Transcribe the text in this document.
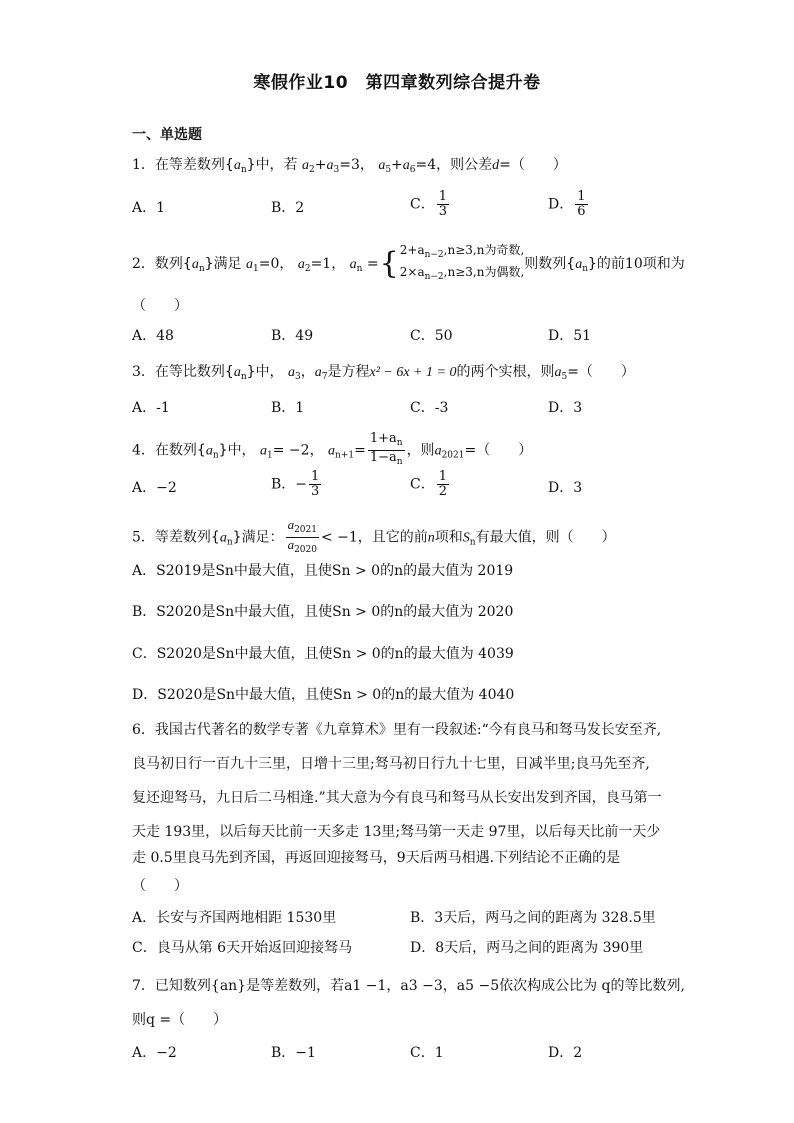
寒假作业10　第四章数列综合提升卷
一、单选题
1．在等差数列$\{a_n\}$中，若 $a_2+a_3=3$， $a_5+a_6=4$，则公差d=（　　）
A．1	B．2	C． $\frac{1}{3}$	D． $\frac{1}{6}$
2．数列$\{a_n\}$满足 $a_1=0$， $a_2=1$， $a_n =\{2+a_{n-2},n\ge 3,n$为奇数,
$2\times a_{n-2},n\ge 3,n$为偶数,则数列$\{a_n\}$的前10项和为
（　　）
A．48	B．49	C．50	D．51
3．在等比数列$\{a_n\}$中， $a_3$，$a_7$是方程x² − 6x + 1 = 0的两个实根，则$a_5=$（　　）
A．-1	B．1	C．-3	D．3
4．在数列$\{a_n\}$中， $a_1= -2$， $a_{n+1}= \frac{1+a_n}{1-a_n}$ ，则$a_{2021}=$（　　）
A．−2	B．− $\frac{1}{3}$	C． $\frac{1}{2}$	D．3
5．等差数列$\{a_n\}$满足： $\frac{a_{2021}}{a_{2020}} < -1$，且它的前n项和$S_n$有最大值，则（　　）
A．S2019是Sn中最大值，且使Sn > 0的n的最大值为 2019
B．S2020是Sn中最大值，且使Sn > 0的n的最大值为 2020
C．S2020是Sn中最大值，且使Sn > 0的n的最大值为 4039
D．S2020是Sn中最大值，且使Sn > 0的n的最大值为 4040
6．我国古代著名的数学专著《九章算术》里有一段叙述:“今有良马和驽马发长安至齐,
良马初日行一百九十三里，日增十三里;驽马初日行九十七里，日减半里;良马先至齐,
复还迎驽马，九日后二马相逢.”其大意为今有良马和驽马从长安出发到齐国，良马第一
天走 193里，以后每天比前一天多走 13里;驽马第一天走 97里，以后每天比前一天少
走 0.5里良马先到齐国，再返回迎接驽马，9天后两马相遇.下列结论不正确的是
（　　）
A．长安与齐国两地相距 1530里	B．3天后，两马之间的距离为 328.5里
C．良马从第 6天开始返回迎接驽马	D．8天后，两马之间的距离为 390里
7．已知数列{an}是等差数列，若a1 −1，a3 −3，a5 −5依次构成公比为 q的等比数列,
则q =（　　）
A．−2	B．−1	C．1	D．2
